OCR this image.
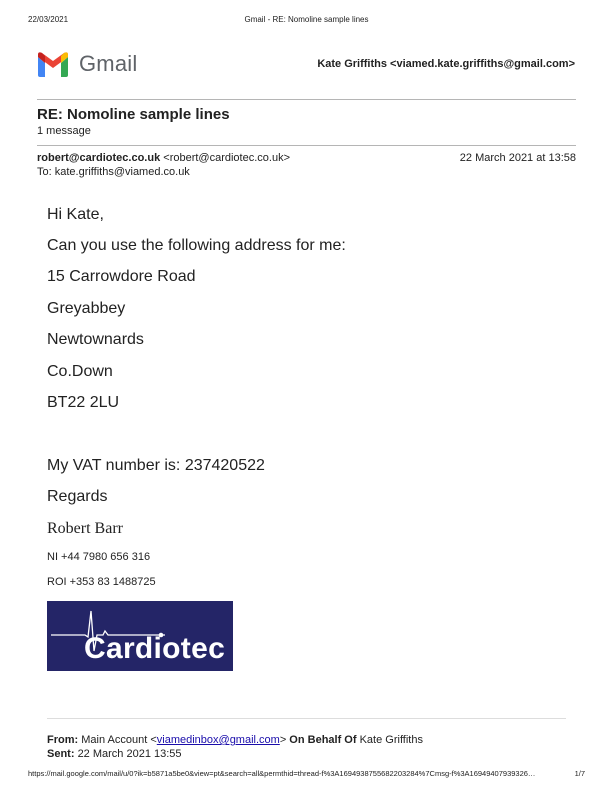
22/03/2021	Gmail - RE: Nomoline sample lines
Gmail	Kate Griffiths <viamed.kate.griffiths@gmail.com>
RE: Nomoline sample lines
1 message
robert@cardiotec.co.uk <robert@cardiotec.co.uk>	22 March 2021 at 13:58
To: kate.griffiths@viamed.co.uk
Hi Kate,
Can you use the following address for me:
15 Carrowdore Road
Greyabbey
Newtownards
Co.Down
BT22 2LU
My VAT number is: 237420522
Regards
Robert Barr
NI +44 7980 656 316
ROI +353 83 1488725
Cardiotec
From: Main Account <viamedinbox@gmail.com> On Behalf Of Kate Griffiths
Sent: 22 March 2021 13:55
https://mail.google.com/mail/u/0?ik=b5871a5be0&view=pt&search=all&permthid=thread-f%3A1694938755682203284%7Cmsg-f%3A16949407939326…	1/7
